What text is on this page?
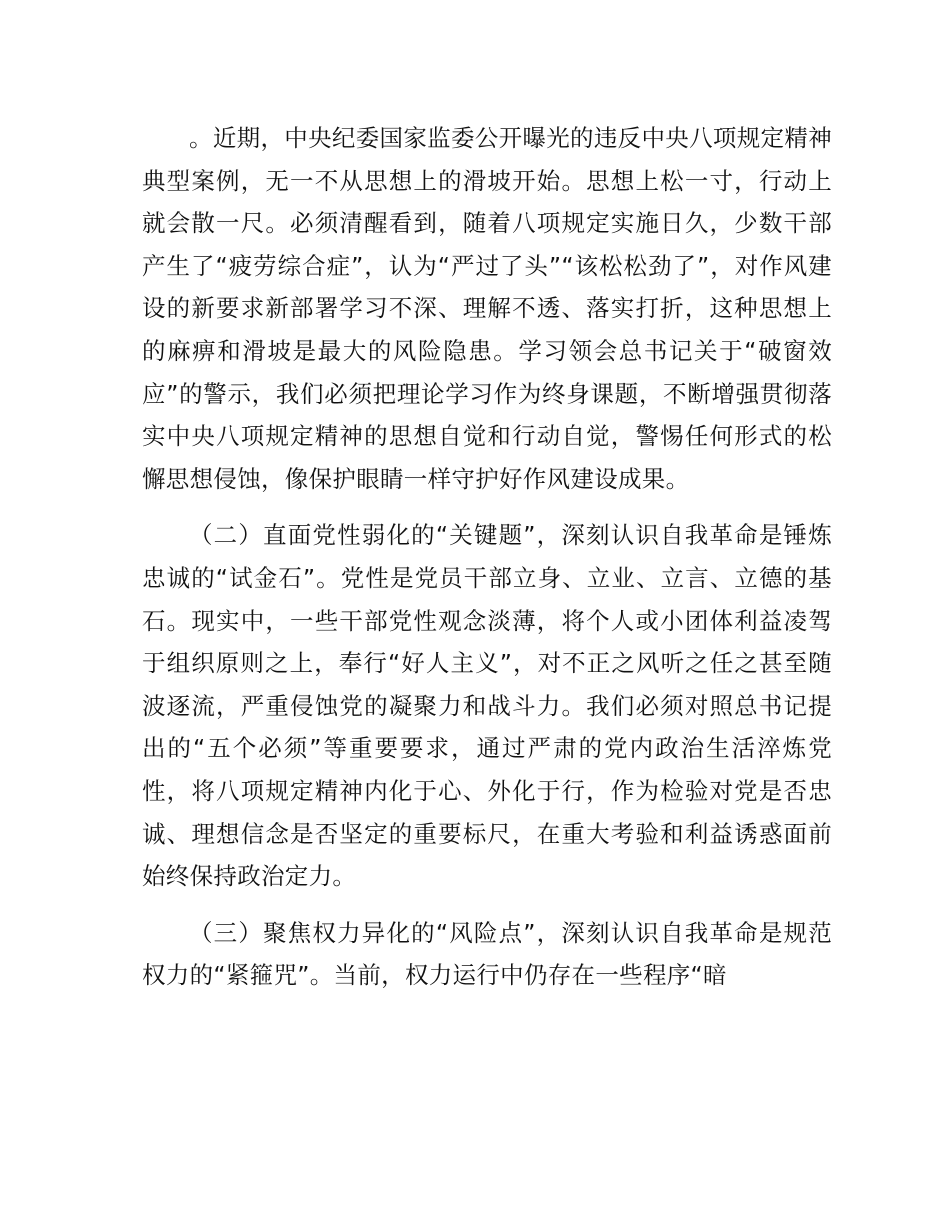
。近期，中央纪委国家监委公开曝光的违反中央八项规定精神典型案例，无一不从思想上的滑坡开始。思想上松一寸，行动上就会散一尺。必须清醒看到，随着八项规定实施日久，少数干部产生了“疲劳综合症”，认为“严过了头”“该松松劲了”，对作风建设的新要求新部署学习不深、理解不透、落实打折，这种思想上的麻痹和滑坡是最大的风险隐患。学习领会总书记关于“破窗效应”的警示，我们必须把理论学习作为终身课题，不断增强贯彻落实中央八项规定精神的思想自觉和行动自觉，警惕任何形式的松懈思想侵蚀，像保护眼睛一样守护好作风建设成果。

（二）直面党性弱化的“关键题”，深刻认识自我革命是锤炼忠诚的“试金石”。党性是党员干部立身、立业、立言、立德的基石。现实中，一些干部党性观念淡薄，将个人或小团体利益凌驾于组织原则之上，奉行“好人主义”，对不正之风听之任之甚至随波逐流，严重侵蚀党的凝聚力和战斗力。我们必须对照总书记提出的“五个必须”等重要要求，通过严肃的党内政治生活淬炼党性，将八项规定精神内化于心、外化于行，作为检验对党是否忠诚、理想信念是否坚定的重要标尺，在重大考验和利益诱惑面前始终保持政治定力。

（三）聚焦权力异化的“风险点”，深刻认识自我革命是规范权力的“紧箍咒”。当前，权力运行中仍存在一些程序“暗
